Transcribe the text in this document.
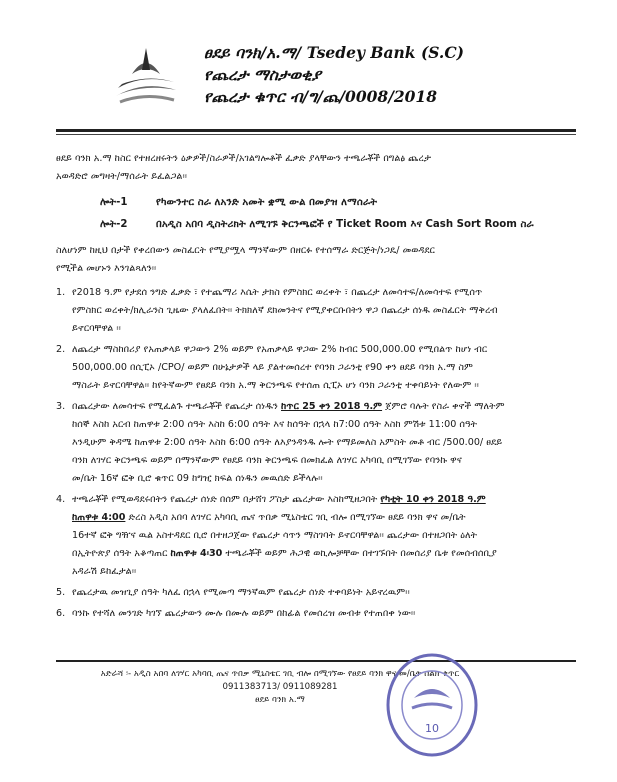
ፀደይ ባንክ/አ.ማ/ Tsedey Bank (S.C)
የጨረታ ማስታወቂያ
የጨረታ ቁጥር ብ/ግ/ጨ/0008/2018
ፀደይ ባንክ አ.ማ ከስር የተዘረዘሩትን ዕቃዎች/ስራዎች/አገልግሎቶች ፈቃድ ያላቸውን ተጫራቾች በግልፅ ጨረታ
አወዳድሮ መግዛት/ማሰራት ይፈልጋል፡፡
ሎት-1	የካውንተር ስራ ለአንድ አመት ቋሚ ውል በመያዝ ለማሰራት
ሎት-2	በአዲስ አበባ ዲስትሪክት ለሚገኙ ቅርንጫፎች የ Ticket Room እና Cash Sort Room ስራ
ስለሆነም ከዚህ በታች የቀረበውን መስፈርት የሚያሟላ ማንኛውም በዘርፉ የተሰማራ ድርጅት/ነጋዴ/ መወዳደር
የሚችል መሆኑን እንገልጻለን፡፡
1. የ2018 ዓ.ም የታደሰ ንግድ ፈቃድ ፣ የተጨማሪ እሴት ታክስ የምስክር ወረቀት ፣ በጨረታ ለመሳተፍ/ለመሳተፍ የሚሰጥ
የምስክር ወረቀት/ክሊራንስ ጊዜው ያላለፈበት፡፡ ትክክለኛ ደክመንትና የሚያቀርቡበትን ዋጋ በጨረታ ሰነዱ መስፈርት ማቅረብ
ይኖርባቸዋል ፡፡
2. ለጨረታ ማስከበሪያ የአጠቃላይ ዋጋውን 2% ወይም የአጠቃላይ ዋጋው 2% ከብር 500,000.00 የሚበልጥ ከሆነ ብር
500,000.00 በሲፒኦ /CPO/ ወይም በሁኔታዎች ላይ ያልተመሰረተ የባንክ ጋራንቲ የ90 ቀን ፀደይ ባንክ አ.ማ ስም
ማስራት ይኖርባቸዋል፡፡ ከየትኛውም የፀደይ ባንክ አ.ማ ቅርንጫፍ የተሰጠ ሲፒኦ ሆነ ባንክ ጋራንቲ ተቀባይነት የለውም ፡፡
3. በጨረታው ለመሳተፍ የሚፈልጉ ተጫራቾች የጨረታ ሰነዱን ከጥር 25 ቀን 2018 ዓ.ም ጀምሮ ባሉት የስራ ቀኖች ማለትም
ከሰኞ እስከ አርብ ከጠዋቱ 2:00 ሰዓት እስከ 6:00 ሰዓት እና ከሰዓት በኋላ ከ7:00 ሰዓት እስከ ምሽቱ 11:00 ሰዓት
እንዲሁም ቅዳሜ ከጠዋቱ 2:00 ሰዓት እስከ 6:00 ሰዓት ለእያንዳንዱ ሎት የማይመለስ አምስት መቶ ብር /500.00/ ፀደይ
ባንክ ለገሃር ቅርንጫፍ ወይም በማንኛውም የፀደይ ባንክ ቅርንጫፍ በመክፈል ለገሃር አካባቢ በሚገኘው የባንኩ ዋና
መ/ቤት 16ኛ ፎቅ ቢሮ ቁጥር 09 ከግዢ ክፍል ሰነዱን መዉሰድ ይችላሉ፡፡
4. ተጫራቾች የሚወዳደሩበትን የጨረታ ሰነድ በሰም በታሸገ ፖስታ ጨረታው እስከሚዘጋበት የካቲት 10 ቀን 2018 ዓ.ም
ከጠዋቱ 4:00 ድረስ አዲስ አበባ ለገሃር አካባቢ ጤና ጥበቃ ሚኒስቴር ገቢ ብሎ በሚገኘው ፀደይ ባንክ ዋና መ/ቤት
16ተኛ ፎቅ ግዥና ዉል አስተዳደር ቢሮ በተዘጋጀው የጨረታ ሳጥን ማስገባት ይኖርባቸዋል፡፡ ጨረታው በተዘጋበት ዕለት
በኢትዮጵያ ሰዓት አቆጣጠር ከጠዋቱ 4፡30 ተጫራቾች ወይም ሕጋዊ ወኪሎቻቸው በተገኙበት በመሰሪያ ቤቱ የመሰብሰቢያ
አዳራሽ ይከፈታል፡፡
5. የጨረታዉ መዝጊያ ሰዓት ካለፈ በኋላ የሚመጣ ማንኛዉም የጨረታ ሰነድ ተቀባይነት አይኖረዉም፡፡
6. ባንኩ የተሻለ መንገድ ካገኘ ጨረታውን ሙሉ በሙሉ ወይም በከፊል የመሰረዝ መብቱ የተጠበቀ ነው፡፡
አድራሻ ፡- አዲስ አበባ ለገሃር አካባቢ ጤና ጥበቃ ሚኒስቴር ገቢ ብሎ በሚገኘው የፀደይ ባንክ ዋና መ/ቤት ስልክ ቁጥር
0911383713/ 0911089281
ፀደይ ባንክ አ.ማ
10
